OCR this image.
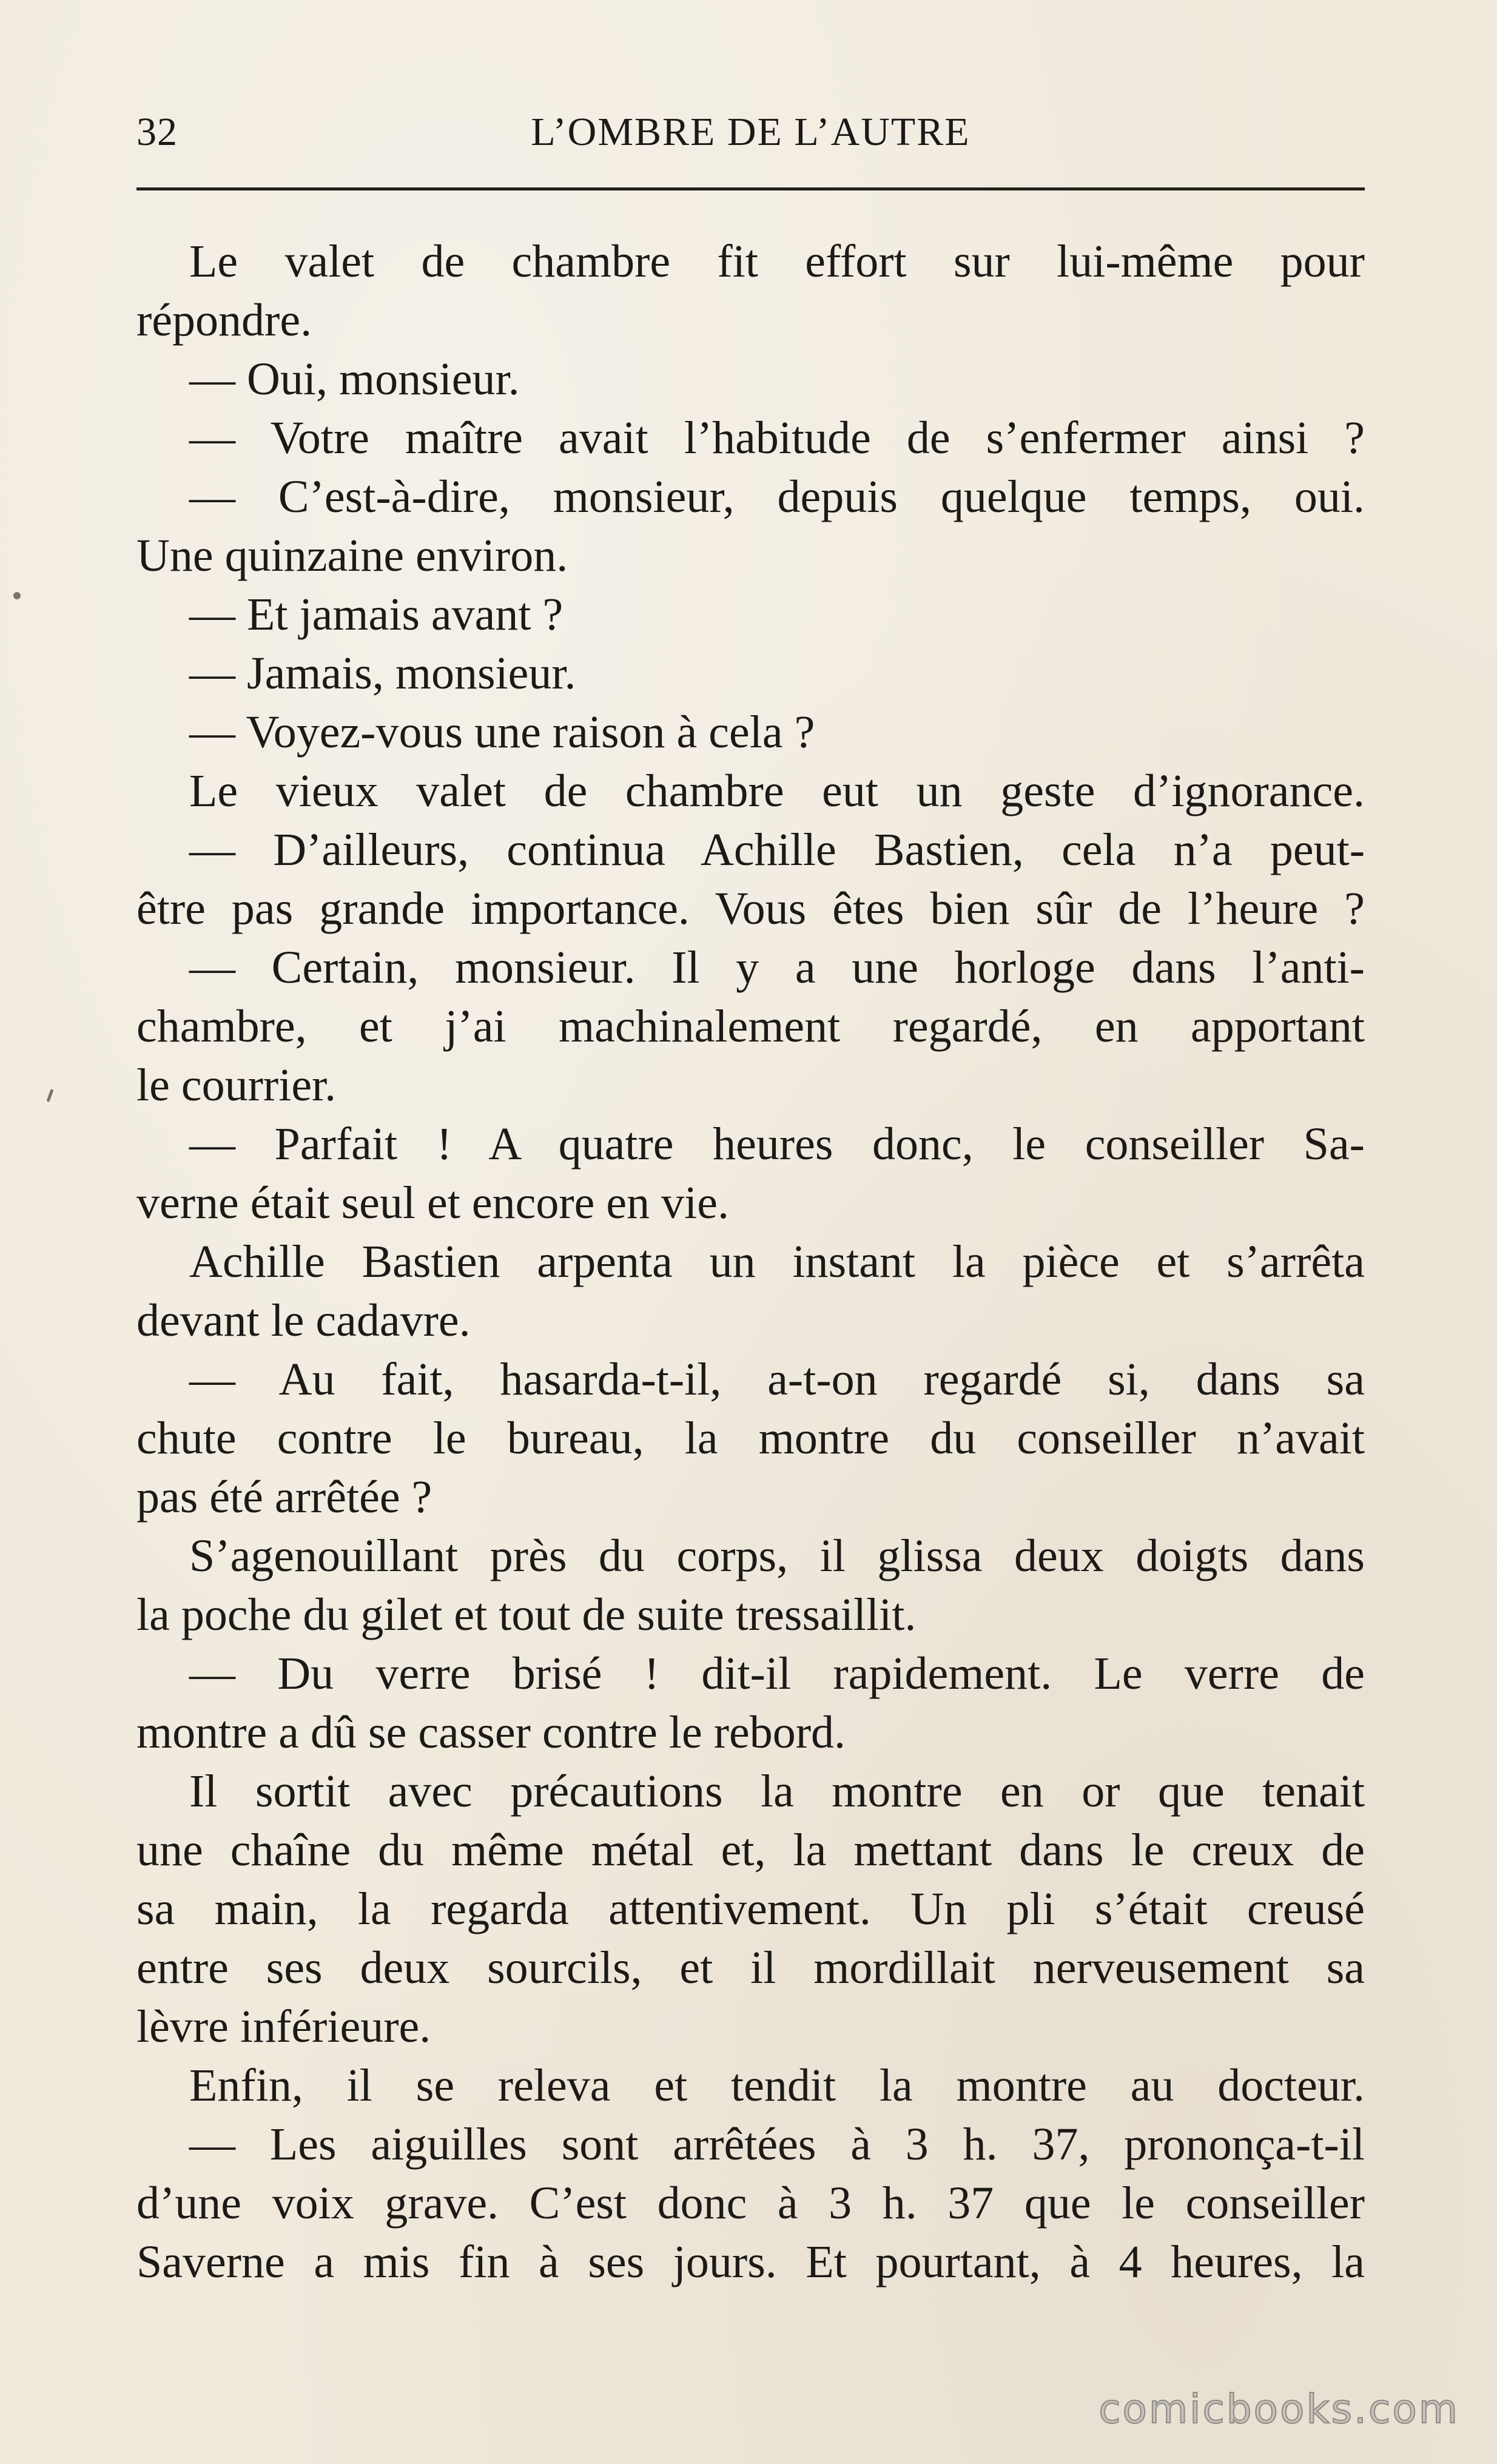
32	L’OMBRE DE L’AUTRE
Le valet de chambre fit effort sur lui-même pour
répondre.
— Oui, monsieur.
— Votre maître avait l’habitude de s’enfermer ainsi ?
— C’est-à-dire, monsieur, depuis quelque temps, oui.
Une quinzaine environ.
— Et jamais avant ?
— Jamais, monsieur.
— Voyez-vous une raison à cela ?
Le vieux valet de chambre eut un geste d’ignorance.
— D’ailleurs, continua Achille Bastien, cela n’a peut-
être pas grande importance. Vous êtes bien sûr de l’heure ?
— Certain, monsieur. Il y a une horloge dans l’anti-
chambre, et j’ai machinalement regardé, en apportant
le courrier.
— Parfait ! A quatre heures donc, le conseiller Sa-
verne était seul et encore en vie.
Achille Bastien arpenta un instant la pièce et s’arrêta
devant le cadavre.
— Au fait, hasarda-t-il, a-t-on regardé si, dans sa
chute contre le bureau, la montre du conseiller n’avait
pas été arrêtée ?
S’agenouillant près du corps, il glissa deux doigts dans
la poche du gilet et tout de suite tressaillit.
— Du verre brisé ! dit-il rapidement. Le verre de
montre a dû se casser contre le rebord.
Il sortit avec précautions la montre en or que tenait
une chaîne du même métal et, la mettant dans le creux de
sa main, la regarda attentivement. Un pli s’était creusé
entre ses deux sourcils, et il mordillait nerveusement sa
lèvre inférieure.
Enfin, il se releva et tendit la montre au docteur.
— Les aiguilles sont arrêtées à 3 h. 37, prononça-t-il
d’une voix grave. C’est donc à 3 h. 37 que le conseiller
Saverne a mis fin à ses jours. Et pourtant, à 4 heures, la
comicbooks.com
